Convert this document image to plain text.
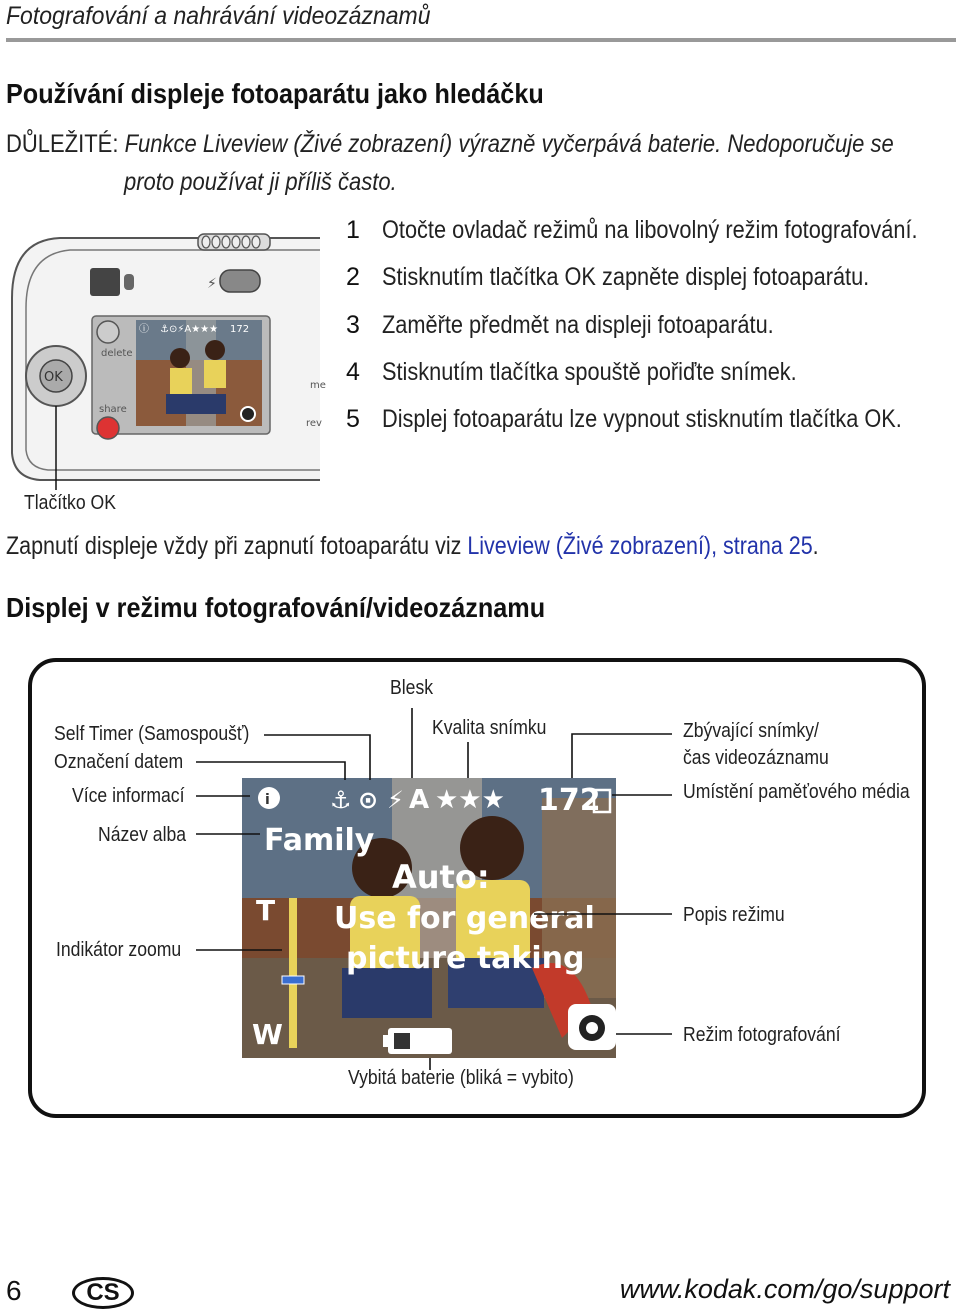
Fotografování a nahrávání videozáznamů
Používání displeje fotoaparátu jako hledáčku
DŮLEŽITÉ: Funkce Liveview (Živé zobrazení) výrazně vyčerpává baterie. Nedoporučuje se
proto používat ji příliš často.
⚡
ⓘ ⚓⊙⚡A★★★ 172
OK
delete
share
me
rev
Tlačítko OK
1 Otočte ovladač režimů na libovolný režim fotografování.
2 Stisknutím tlačítka OK zapněte displej fotoaparátu.
3 Zaměřte předmět na displeji fotoaparátu.
4 Stisknutím tlačítka spouště pořiďte snímek.
5 Displej fotoaparátu lze vypnout stisknutím tlačítka OK.
Zapnutí displeje vždy při zapnutí fotoaparátu viz Liveview (Živé zobrazení), strana 25.
Displej v režimu fotografování/videozáznamu
i	⚓ ⊙ ⚡ A ★★★ 172
Family
Auto:
Use for general
picture taking
T
W
Blesk
Kvalita snímku	Zbývající snímky/
čas videozáznamu
Umístění paměťového média
Self Timer (Samospoušť)
Označení datem
Více informací
Název alba
Indikátor zoomu
Popis režimu
Režim fotografování
Vybitá baterie (bliká = vybito)
6	CS	www.kodak.com/go/support
